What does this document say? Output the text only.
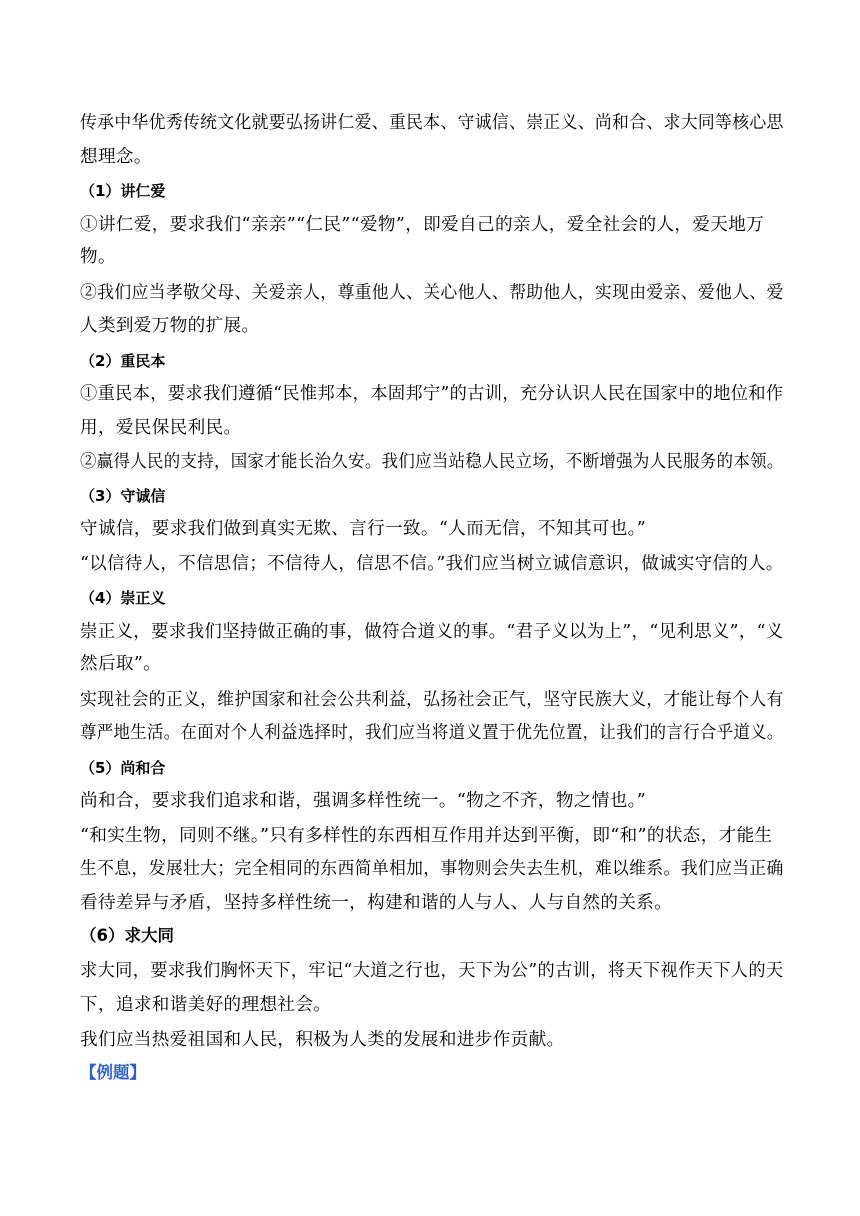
传承中华优秀传统文化就要弘扬讲仁爱、重民本、守诚信、崇正义、尚和合、求大同等核心思
想理念。
（1）讲仁爱
①讲仁爱，要求我们“亲亲”“仁民”“爱物”，即爱自己的亲人，爱全社会的人，爱天地万
物。
②我们应当孝敬父母、关爱亲人，尊重他人、关心他人、帮助他人，实现由爱亲、爱他人、爱
人类到爱万物的扩展。
（2）重民本
①重民本，要求我们遵循“民惟邦本，本固邦宁”的古训，充分认识人民在国家中的地位和作
用，爱民保民利民。
②赢得人民的支持，国家才能长治久安。我们应当站稳人民立场，不断增强为人民服务的本领。
（3）守诚信
守诚信，要求我们做到真实无欺、言行一致。“人而无信，不知其可也。”
“以信待人，不信思信；不信待人，信思不信。”我们应当树立诚信意识，做诚实守信的人。
（4）崇正义
崇正义，要求我们坚持做正确的事，做符合道义的事。“君子义以为上”，“见利思义”，“义
然后取”。
实现社会的正义，维护国家和社会公共利益，弘扬社会正气，坚守民族大义，才能让每个人有
尊严地生活。在面对个人利益选择时，我们应当将道义置于优先位置，让我们的言行合乎道义。
（5）尚和合
尚和合，要求我们追求和谐，强调多样性统一。“物之不齐，物之情也。”
“和实生物，同则不继。”只有多样性的东西相互作用并达到平衡，即“和”的状态，才能生
生不息，发展壮大；完全相同的东西简单相加，事物则会失去生机，难以维系。我们应当正确
看待差异与矛盾，坚持多样性统一，构建和谐的人与人、人与自然的关系。
（6）求大同
求大同，要求我们胸怀天下，牢记“大道之行也，天下为公”的古训，将天下视作天下人的天
下，追求和谐美好的理想社会。
我们应当热爱祖国和人民，积极为人类的发展和进步作贡献。
【例题】
